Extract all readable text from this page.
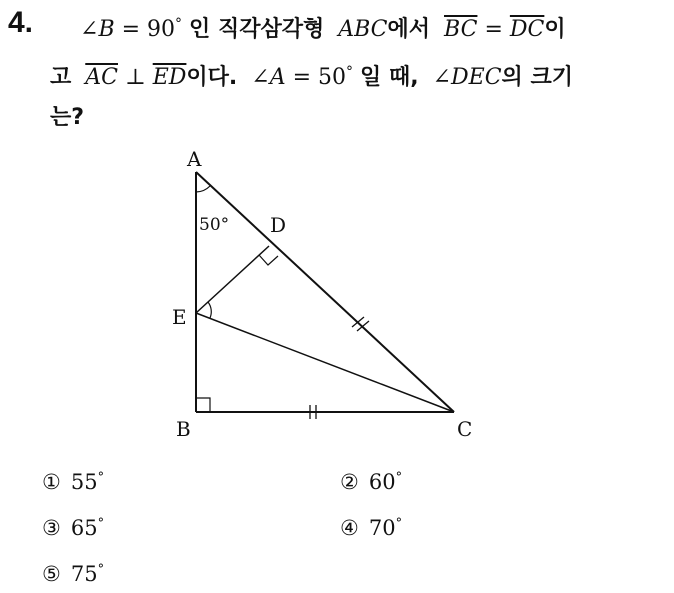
4. ∠B = 90° 인 직각삼각형 ABC에서 $\overline{BC} = \overline{DC}$이
고 $\overline{AC}$ ⊥ $\overline{ED}$이다. ∠A = 50° 일 때, ∠DEC의 크기
는?
A
B	C
D
E
50°
① 55°	② 60°
③ 65°	④ 70°
⑤ 75°
